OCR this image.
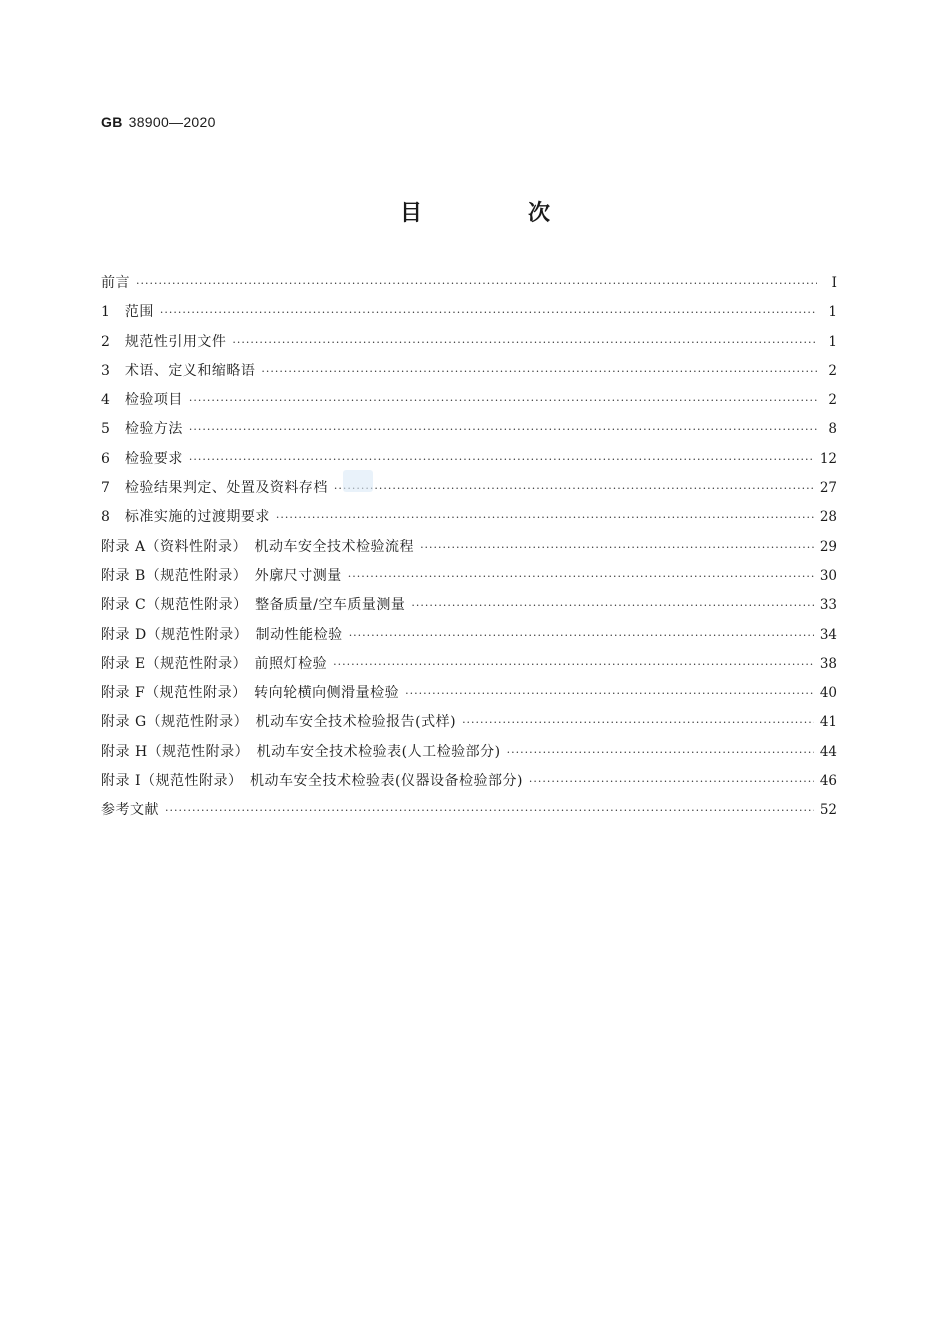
GB 38900—2020
目　次
前言 ·····	Ⅰ
1　范围 ·····	1
2　规范性引用文件 ·····	1
3　术语、定义和缩略语 ·····	2
4　检验项目 ·····	2
5　检验方法 ·····	8
6　检验要求 ·····	12
7　检验结果判定、处置及资料存档 ·····	27
8　标准实施的过渡期要求 ·····	28
附录 A（资料性附录）　机动车安全技术检验流程 ·····	29
附录 B（规范性附录）　外廓尺寸测量 ·····	30
附录 C（规范性附录）　整备质量/空车质量测量 ·····	33
附录 D（规范性附录）　制动性能检验 ·····	34
附录 E（规范性附录）　前照灯检验 ·····	38
附录 F（规范性附录）　转向轮横向侧滑量检验 ·····	40
附录 G（规范性附录）　机动车安全技术检验报告(式样) ·····	41
附录 H（规范性附录）　机动车安全技术检验表(人工检验部分) ·····	44
附录 I（规范性附录）　机动车安全技术检验表(仪器设备检验部分) ·····	46
参考文献 ·····	52
